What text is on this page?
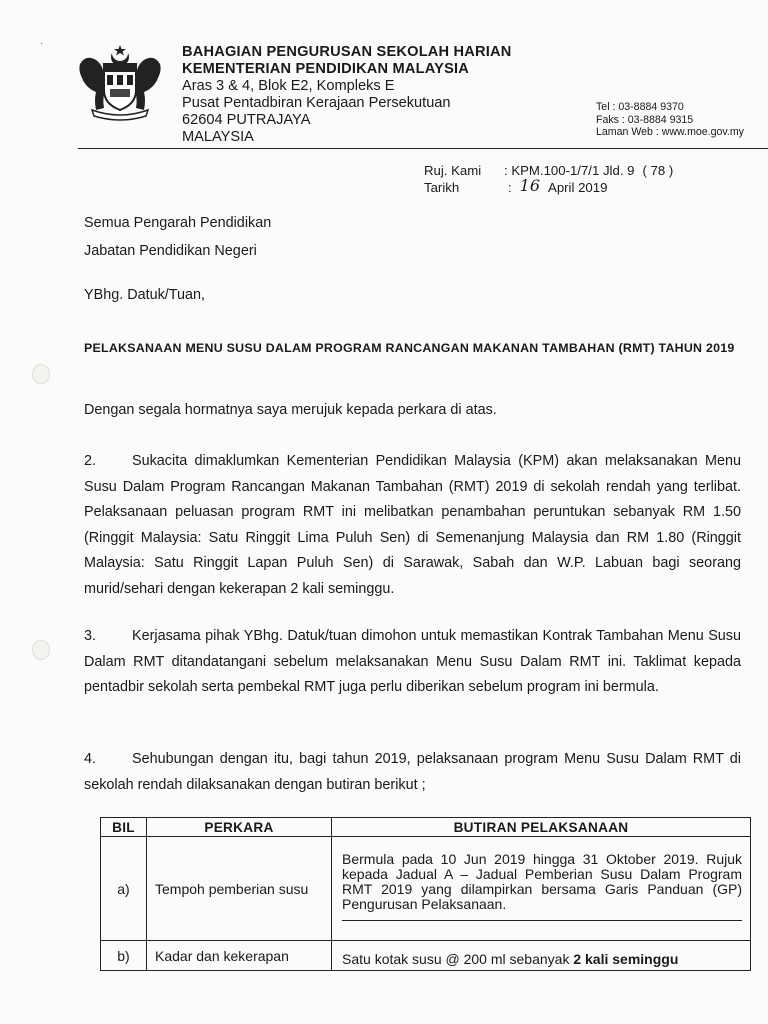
·
BAHAGIAN PENGURUSAN SEKOLAH HARIAN
KEMENTERIAN PENDIDIKAN MALAYSIA
Aras 3 & 4, Blok E2, Kompleks E
Pusat Pentadbiran Kerajaan Persekutuan
62604 PUTRAJAYA
MALAYSIA
Tel : 03-8884 9370
Faks : 03-8884 9315
Laman Web : www.moe.gov.my
Ruj. Kami	: KPM.100-1/7/1 Jld. 9 ( 78 )
Tarikh	: 16 April 2019
Semua Pengarah Pendidikan
Jabatan Pendidikan Negeri
YBhg. Datuk/Tuan,
PELAKSANAAN MENU SUSU DALAM PROGRAM RANCANGAN MAKANAN TAMBAHAN (RMT) TAHUN 2019
Dengan segala hormatnya saya merujuk kepada perkara di atas.
2. Sukacita dimaklumkan Kementerian Pendidikan Malaysia (KPM) akan melaksanakan Menu Susu Dalam Program Rancangan Makanan Tambahan (RMT) 2019 di sekolah rendah yang terlibat. Pelaksanaan peluasan program RMT ini melibatkan penambahan peruntukan sebanyak RM 1.50 (Ringgit Malaysia: Satu Ringgit Lima Puluh Sen) di Semenanjung Malaysia dan RM 1.80 (Ringgit Malaysia: Satu Ringgit Lapan Puluh Sen) di Sarawak, Sabah dan W.P. Labuan bagi seorang murid/sehari dengan kekerapan 2 kali seminggu.
3. Kerjasama pihak YBhg. Datuk/tuan dimohon untuk memastikan Kontrak Tambahan Menu Susu Dalam RMT ditandatangani sebelum melaksanakan Menu Susu Dalam RMT ini. Taklimat kepada pentadbir sekolah serta pembekal RMT juga perlu diberikan sebelum program ini bermula.
4. Sehubungan dengan itu, bagi tahun 2019, pelaksanaan program Menu Susu Dalam RMT di sekolah rendah dilaksanakan dengan butiran berikut ;
BIL	PERKARA	BUTIRAN PELAKSANAAN
a)	Tempoh pemberian susu	Bermula pada 10 Jun 2019 hingga 31 Oktober 2019. Rujuk kepada Jadual A – Jadual Pemberian Susu Dalam Program RMT 2019 yang dilampirkan bersama Garis Panduan (GP) Pengurusan Pelaksanaan.

b)	Kadar dan kekerapan	Satu kotak susu @ 200 ml sebanyak 2 kali seminggu
